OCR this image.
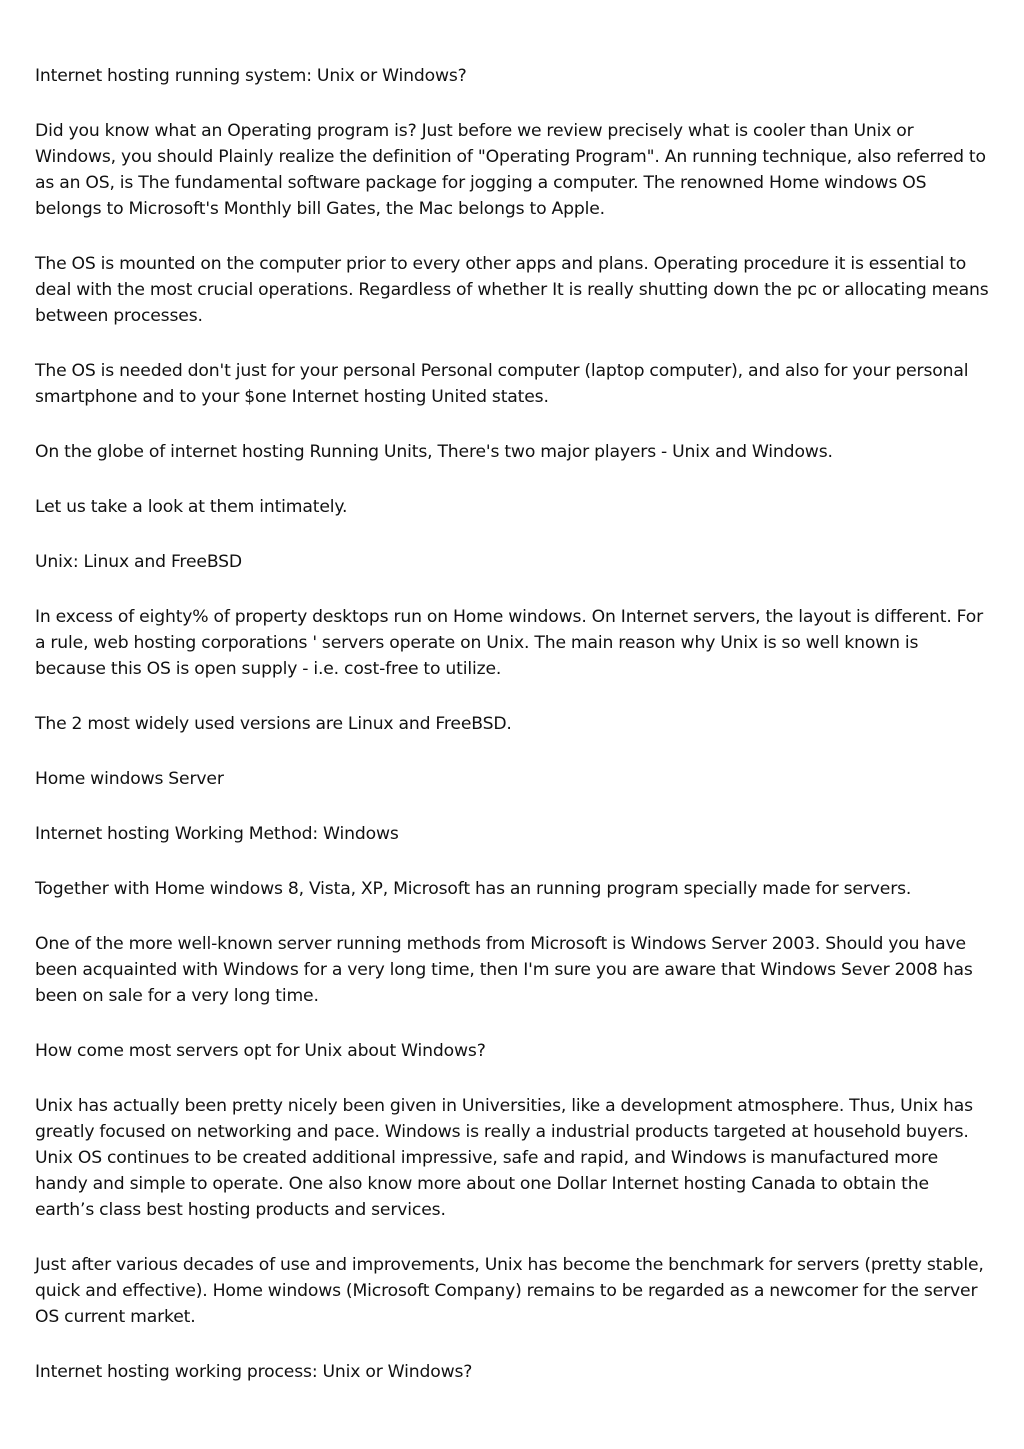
Internet hosting running system: Unix or Windows?

Did you know what an Operating program is? Just before we review precisely what is cooler than Unix or Windows, you should Plainly realize the definition of "Operating Program". An running technique, also referred to as an OS, is The fundamental software package for jogging a computer. The renowned Home windows OS belongs to Microsoft's Monthly bill Gates, the Mac belongs to Apple.

The OS is mounted on the computer prior to every other apps and plans. Operating procedure it is essential to deal with the most crucial operations. Regardless of whether It is really shutting down the pc or allocating means between processes.

The OS is needed don't just for your personal Personal computer (laptop computer), and also for your personal smartphone and to your $one Internet hosting United states.

On the globe of internet hosting Running Units, There's two major players - Unix and Windows.

Let us take a look at them intimately.

Unix: Linux and FreeBSD

In excess of eighty% of property desktops run on Home windows. On Internet servers, the layout is different. For a rule, web hosting corporations ' servers operate on Unix. The main reason why Unix is so well known is because this OS is open supply - i.e. cost-free to utilize.

The 2 most widely used versions are Linux and FreeBSD.

Home windows Server

Internet hosting Working Method: Windows

Together with Home windows 8, Vista, XP, Microsoft has an running program specially made for servers.

One of the more well-known server running methods from Microsoft is Windows Server 2003. Should you have been acquainted with Windows for a very long time, then I'm sure you are aware that Windows Sever 2008 has been on sale for a very long time.

How come most servers opt for Unix about Windows?

Unix has actually been pretty nicely been given in Universities, like a development atmosphere. Thus, Unix has greatly focused on networking and pace. Windows is really a industrial products targeted at household buyers. Unix OS continues to be created additional impressive, safe and rapid, and Windows is manufactured more handy and simple to operate. One also know more about one Dollar Internet hosting Canada to obtain the earth’s class best hosting products and services.

Just after various decades of use and improvements, Unix has become the benchmark for servers (pretty stable, quick and effective). Home windows (Microsoft Company) remains to be regarded as a newcomer for the server OS current market.

Internet hosting working process: Unix or Windows?
